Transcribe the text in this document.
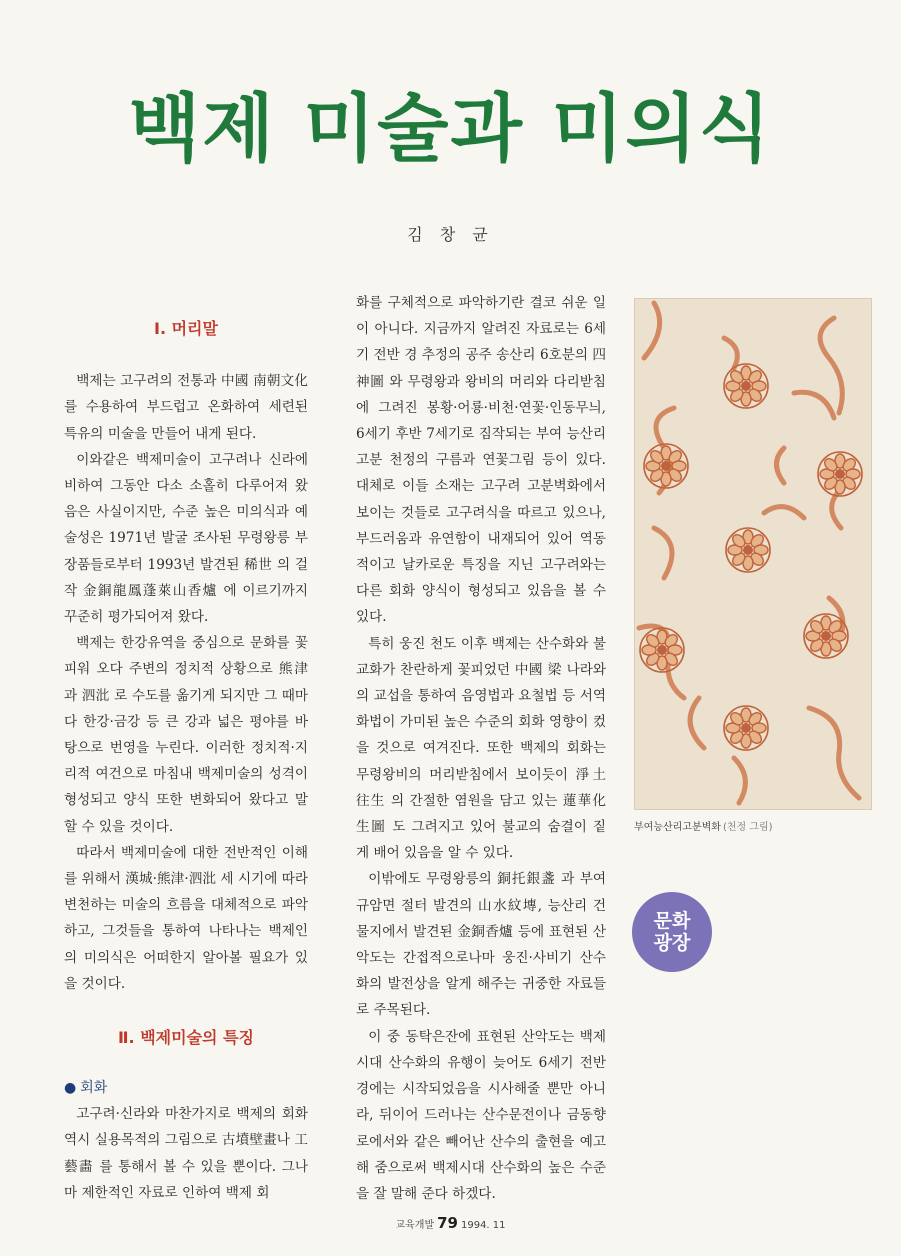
백제 미술과 미의식
김 창 균
Ⅰ. 머리말

백제는 고구려의 전통과 中國 南朝文化를 수용하여 부드럽고 온화하여 세련된 특유의 미술을 만들어 내게 된다.

이와같은 백제미술이 고구려나 신라에 비하여 그동안 다소 소홀히 다루어져 왔음은 사실이지만, 수준 높은 미의식과 예술성은 1971년 발굴 조사된 무령왕릉 부장품들로부터 1993년 발견된 稀世 의 걸작 金銅龍鳳蓬萊山香爐 에 이르기까지 꾸준히 평가되어져 왔다.

백제는 한강유역을 중심으로 문화를 꽃피워 오다 주변의 정치적 상황으로 熊津과 泗沘 로 수도를 옮기게 되지만 그 때마다 한강·금강 등 큰 강과 넓은 평야를 바탕으로 번영을 누린다. 이러한 정치적·지리적 여건으로 마침내 백제미술의 성격이 형성되고 양식 또한 변화되어 왔다고 말할 수 있을 것이다.

따라서 백제미술에 대한 전반적인 이해를 위해서 漢城·熊津·泗沘 세 시기에 따라 변천하는 미술의 흐름을 대체적으로 파악하고, 그것들을 통하여 나타나는 백제인의 미의식은 어떠한지 알아볼 필요가 있을 것이다.

Ⅱ. 백제미술의 특징
● 회화

고구려·신라와 마찬가지로 백제의 회화 역시 실용목적의 그림으로 古墳壁畫나 工藝畵 를 통해서 볼 수 있을 뿐이다. 그나마 제한적인 자료로 인하여 백제 회

화를 구체적으로 파악하기란 결코 쉬운 일이 아니다. 지금까지 알려진 자료로는 6세기 전반 경 추정의 공주 송산리 6호분의 四神圖 와 무령왕과 왕비의 머리와 다리받침에 그려진 봉황·어룡·비천·연꽃·인동무늬, 6세기 후반 7세기로 짐작되는 부여 능산리 고분 천정의 구름과 연꽃그림 등이 있다. 대체로 이들 소재는 고구려 고분벽화에서 보이는 것들로 고구려식을 따르고 있으나, 부드러움과 유연함이 내재되어 있어 역동적이고 날카로운 특징을 지닌 고구려와는 다른 회화 양식이 형성되고 있음을 볼 수 있다.

특히 웅진 천도 이후 백제는 산수화와 불교화가 찬란하게 꽃피었던 中國 梁 나라와의 교섭을 통하여 음영법과 요철법 등 서역화법이 가미된 높은 수준의 회화 영향이 컸을 것으로 여겨진다. 또한 백제의 회화는 무령왕비의 머리받침에서 보이듯이 淨土往生 의 간절한 염원을 담고 있는 蓮華化生圖 도 그려지고 있어 불교의 숨결이 짙게 배어 있음을 알 수 있다.

이밖에도 무령왕릉의 銅托銀盞 과 부여 규암면 절터 발견의 山水紋塼, 능산리 건물지에서 발견된 金銅香爐 등에 표현된 산악도는 간접적으로나마 웅진·사비기 산수화의 발전상을 알게 해주는 귀중한 자료들로 주목된다.

이 중 동탁은잔에 표현된 산악도는 백제시대 산수화의 유행이 늦어도 6세기 전반 경에는 시작되었음을 시사해줄 뿐만 아니라, 뒤이어 드러나는 산수문전이나 금동향로에서와 같은 빼어난 산수의 출현을 예고해 줌으로써 백제시대 산수화의 높은 수준을 잘 말해 준다 하겠다.

부여능산리고분벽화 (천정 그림)
문화
광장
교육개발 79 1994. 11
